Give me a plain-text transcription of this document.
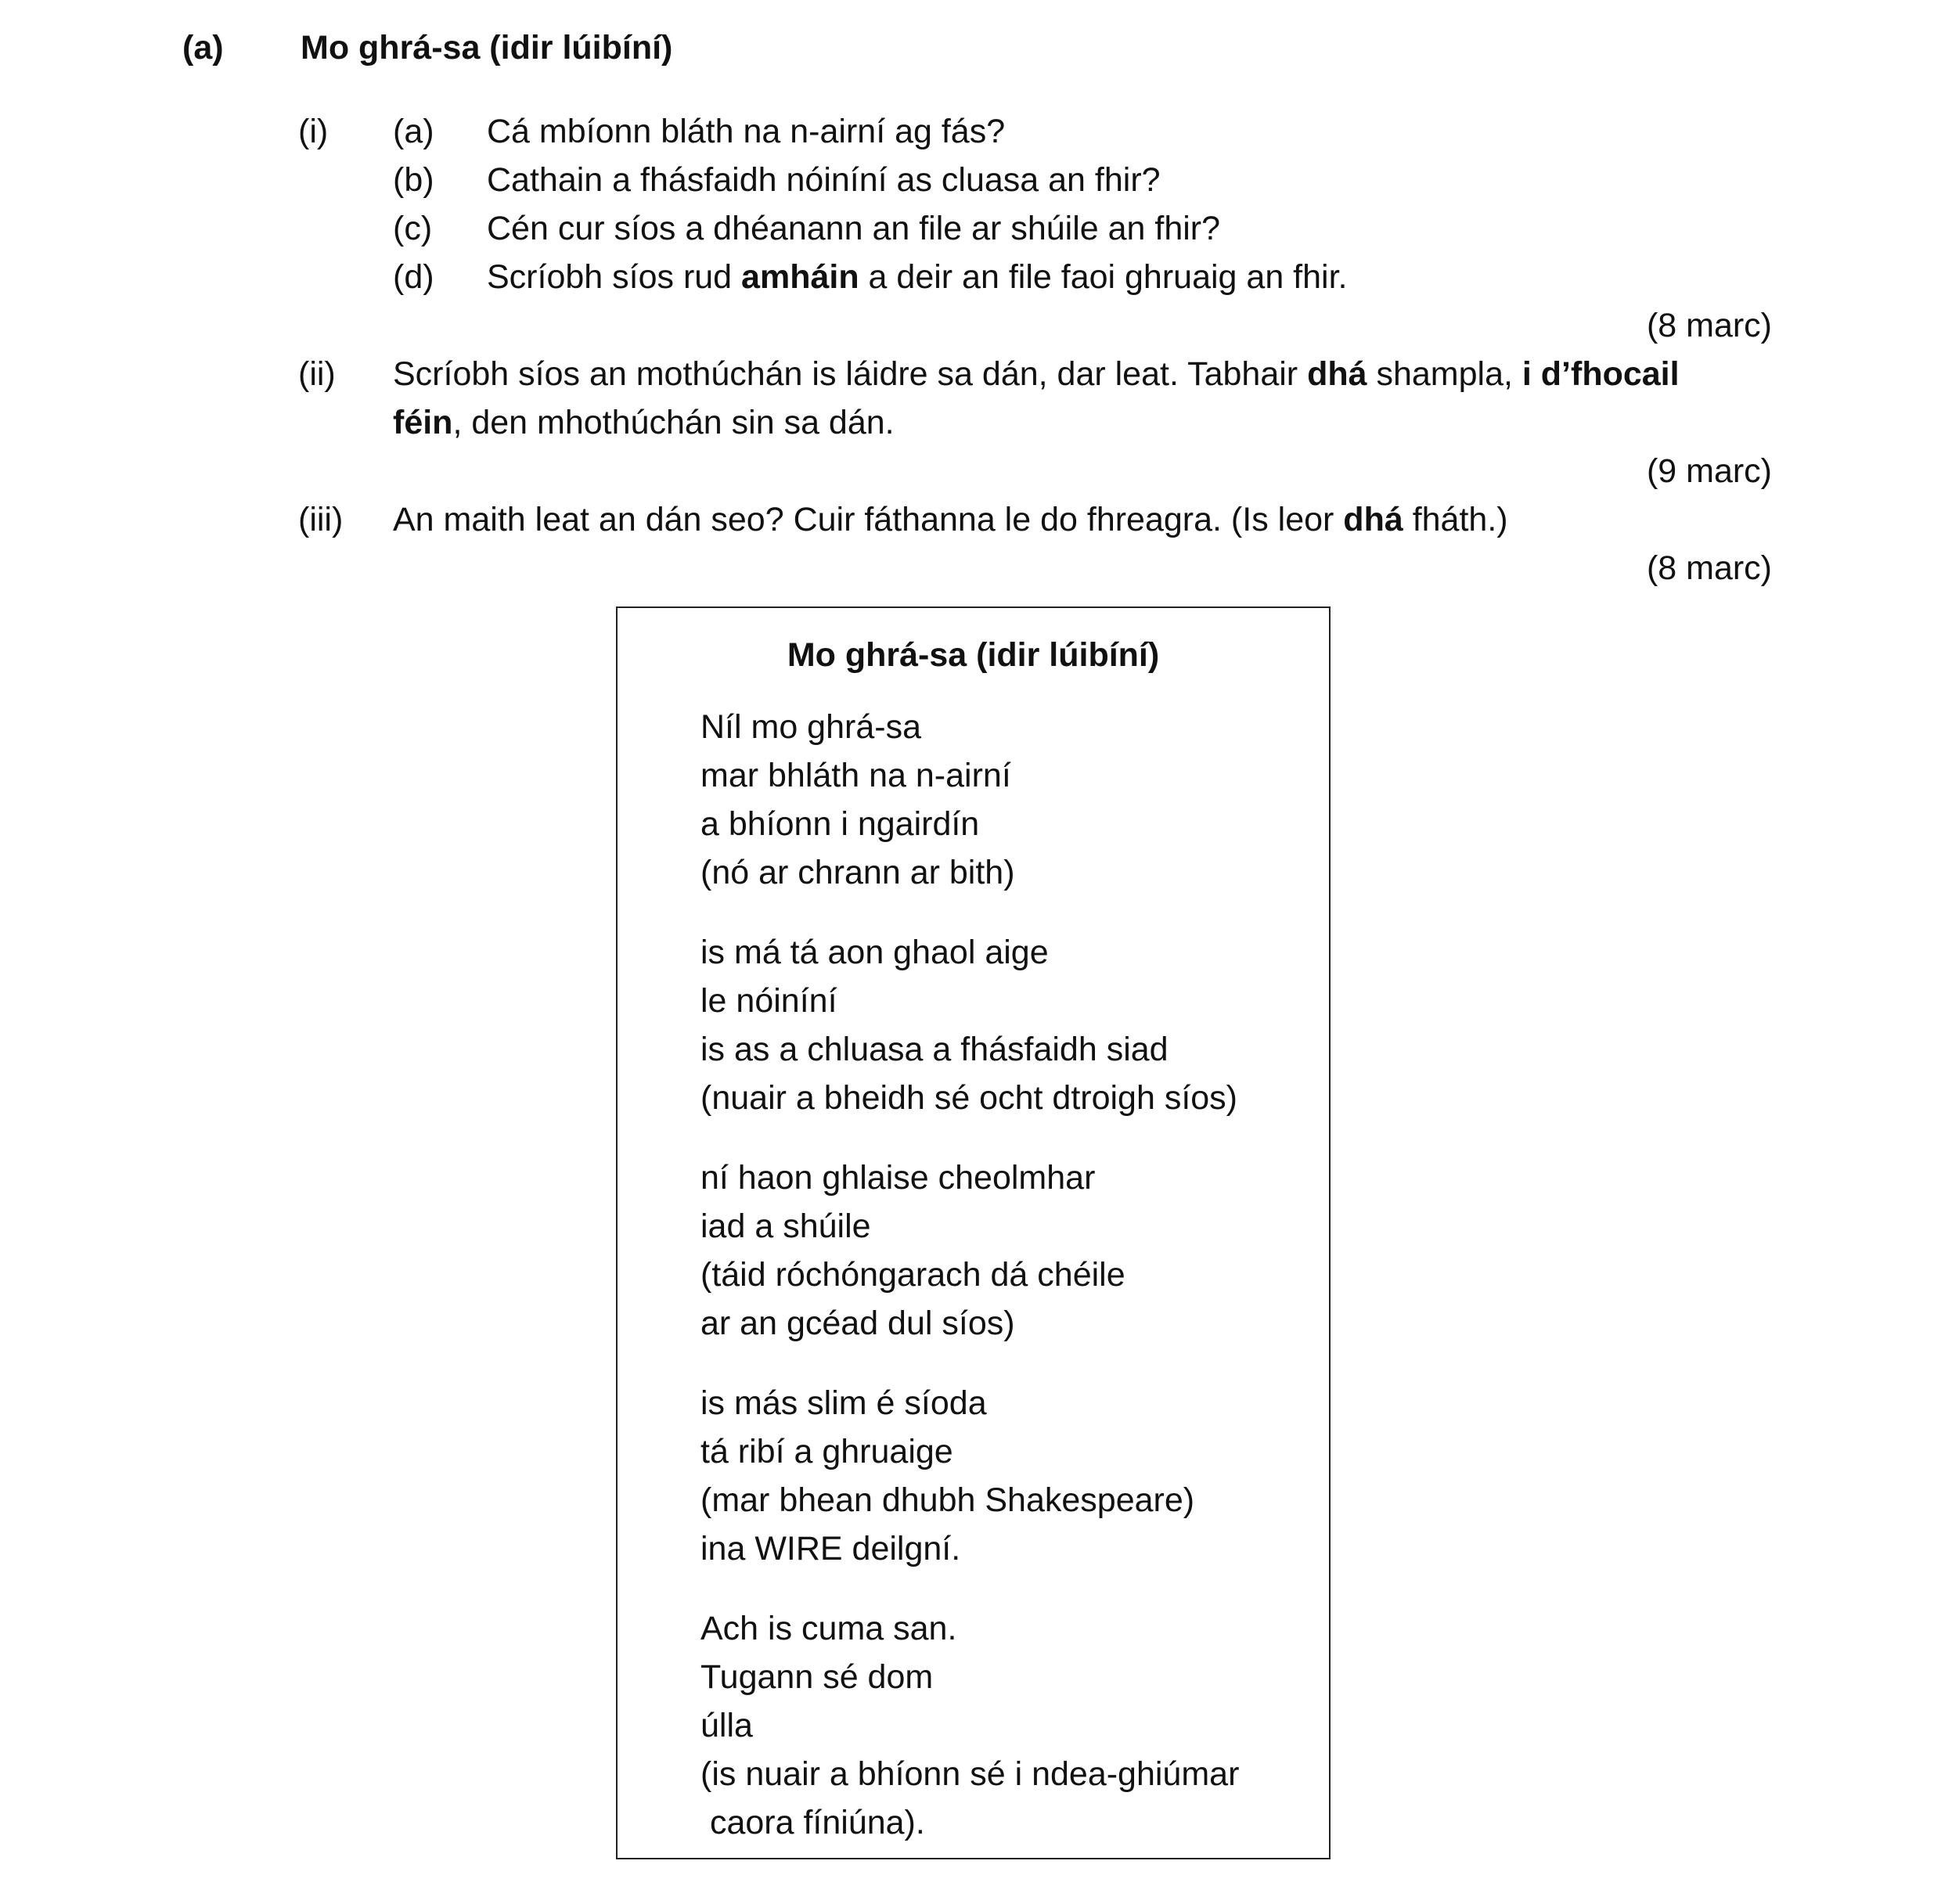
(a) Mo ghrá-sa (idir lúibíní)
(i) (a) Cá mbíonn bláth na n-airní ag fás?
(b) Cathain a fhásfaidh nóiníní as cluasa an fhir?
(c) Cén cur síos a dhéanann an file ar shúile an fhir?
(d) Scríobh síos rud amháin a deir an file faoi ghruaig an fhir.
(8 marc)
(ii) Scríobh síos an mothúchán is láidre sa dán, dar leat. Tabhair dhá shampla, i d’fhocail
féin, den mhothúchán sin sa dán.
(9 marc)
(iii) An maith leat an dán seo? Cuir fáthanna le do fhreagra. (Is leor dhá fháth.)
(8 marc)
Mo ghrá-sa (idir lúibíní)
Níl mo ghrá-sa
mar bhláth na n-airní
a bhíonn i ngairdín
(nó ar chrann ar bith)
is má tá aon ghaol aige
le nóiníní
is as a chluasa a fhásfaidh siad
(nuair a bheidh sé ocht dtroigh síos)
ní haon ghlaise cheolmhar
iad a shúile
(táid róchóngarach dá chéile
ar an gcéad dul síos)
is más slim é síoda
tá ribí a ghruaige
(mar bhean dhubh Shakespeare)
ina WIRE deilgní.
Ach is cuma san.
Tugann sé dom
úlla
(is nuair a bhíonn sé i ndea-ghiúmar
caora fíniúna).
